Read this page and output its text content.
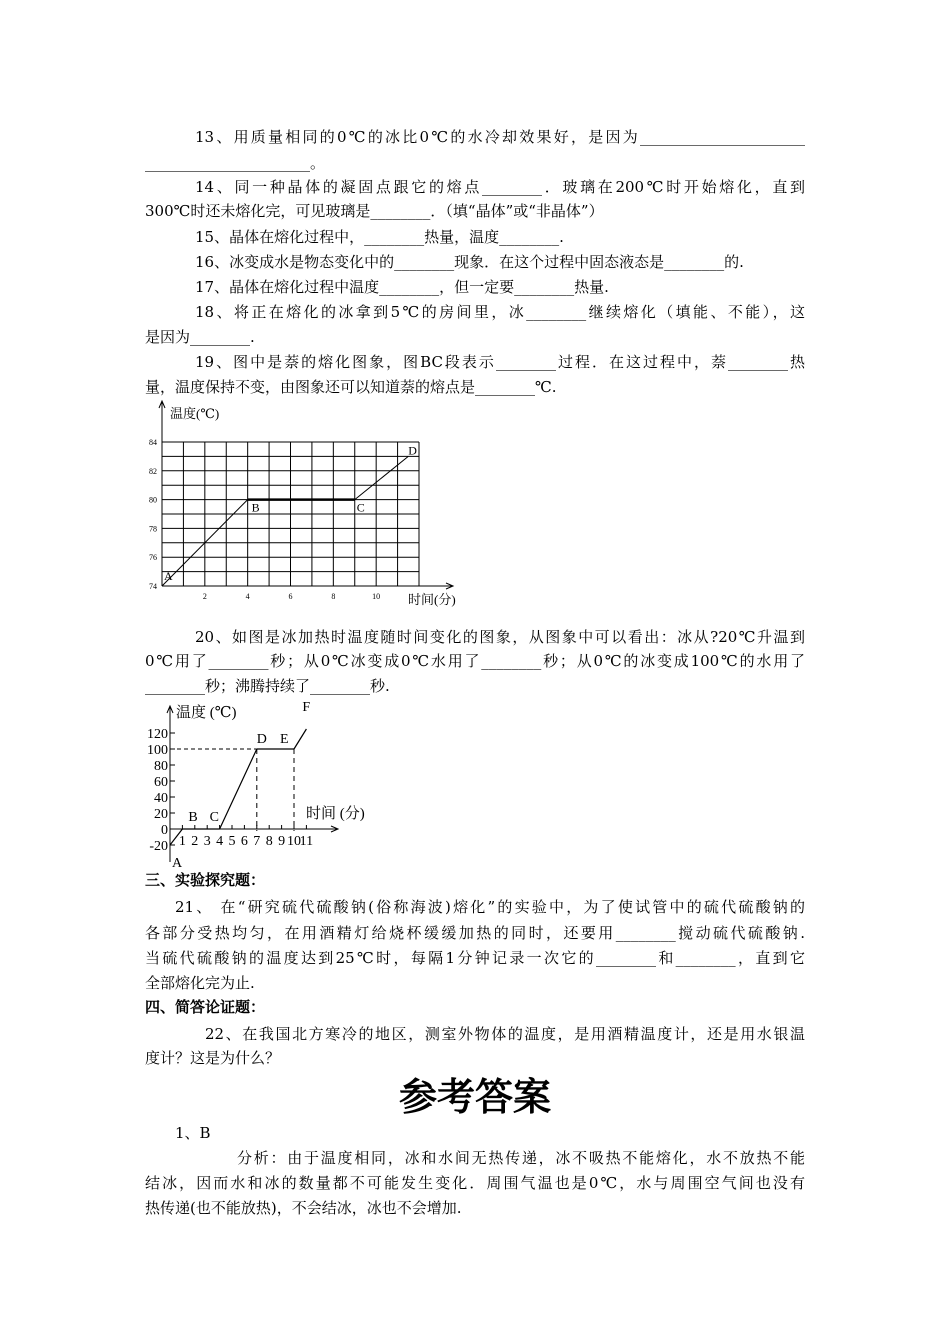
13、用质量相同的0℃的冰比0℃的水冷却效果好，是因为______________________
______________________。
14、同一种晶体的凝固点跟它的熔点________．玻璃在200℃时开始熔化，直到
300℃时还未熔化完，可见玻璃是________．（填“晶体”或“非晶体”）
15、晶体在熔化过程中，________热量，温度________.
16、冰变成水是物态变化中的________现象．在这个过程中固态液态是________的.
17、晶体在熔化过程中温度________，但一定要________热量.
18、将正在熔化的冰拿到5℃的房间里，冰________继续熔化（填能、不能），这
是因为________.
19、图中是萘的熔化图象，图BC段表示________过程．在这过程中，萘________热
量，温度保持不变，由图象还可以知道萘的熔点是________℃.
20、如图是冰加热时温度随时间变化的图象，从图象中可以看出：冰从?20℃升温到
0℃用了________秒；从0℃冰变成0℃水用了________秒；从0℃的冰变成100℃的水用了
________秒；沸腾持续了________秒.
三、实验探究题：
21、 在“研究硫代硫酸钠(俗称海波)熔化”的实验中，为了使试管中的硫代硫酸钠的
各部分受热均匀，在用酒精灯给烧杯缓缓加热的同时，还要用________搅动硫代硫酸钠.
当硫代硫酸钠的温度达到25℃时，每隔1分钟记录一次它的________和________，直到它
全部熔化完为止.
四、简答论证题：
22、在我国北方寒冷的地区，测室外物体的温度，是用酒精温度计，还是用水银温
度计？这是为什么？
参考答案
1、B
分析：由于温度相同，冰和水间无热传递，冰不吸热不能熔化，水不放热不能
结冰，因而水和冰的数量都不可能发生变化．周围气温也是0℃，水与周围空气间也没有
热传递(也不能放热)，不会结冰，冰也不会增加.
温度(℃)
时间(分)
74
76
78
80
82
84
2	4	6	8	10
A
B	C
D
温度 (℃)
时间 (分)
-20
0
20
40
60
80
100
120
1 2 3 4 5 6 7 8 9 10
11
A
B C
D E
F
